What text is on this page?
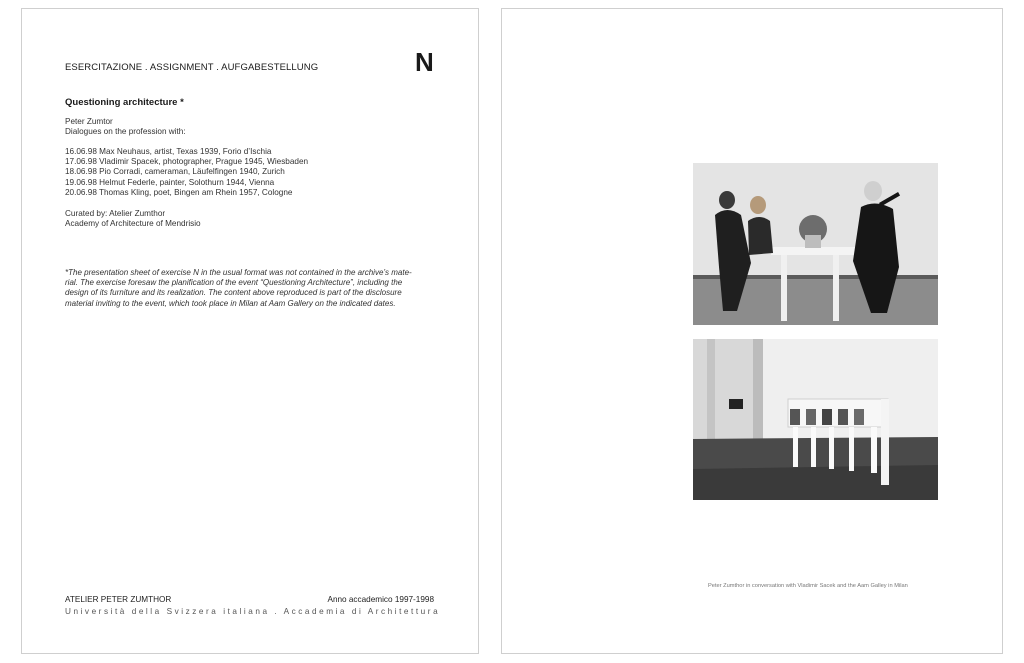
ESERCITAZIONE . ASSIGNMENT . AUFGABESTELLUNG	N
Questioning architecture *
Peter Zumtor
Dialogues on the profession with:
16.06.98 Max Neuhaus, artist, Texas 1939, Forio d’Ischia
17.06.98 Vladimir Spacek, photographer, Prague 1945, Wiesbaden
18.06.98 Pio Corradi, cameraman, Läufelfingen 1940, Zurich
19.06.98 Helmut Federle, painter, Solothurn 1944, Vienna
20.06.98 Thomas Kling, poet, Bingen am Rhein 1957, Cologne
Curated by: Atelier Zumthor
Academy of Architecture of Mendrisio
*The presentation sheet of exercise N in the usual format was not contained in the archive’s mate-
rial. The exercise foresaw the planification of the event “Questioning Architecture”, including the
design of its furniture and its realization. The content above reproduced is part of the disclosure
material inviting to the event, which took place in Milan at Aam Gallery on the indicated dates.
ATELIER PETER ZUMTHOR	Anno accademico 1997-1998
Università della Svizzera italiana . Accademia di Architettura
Peter Zumthor in conversation with Vladimir Sacek and the Aam Galley in Milan
